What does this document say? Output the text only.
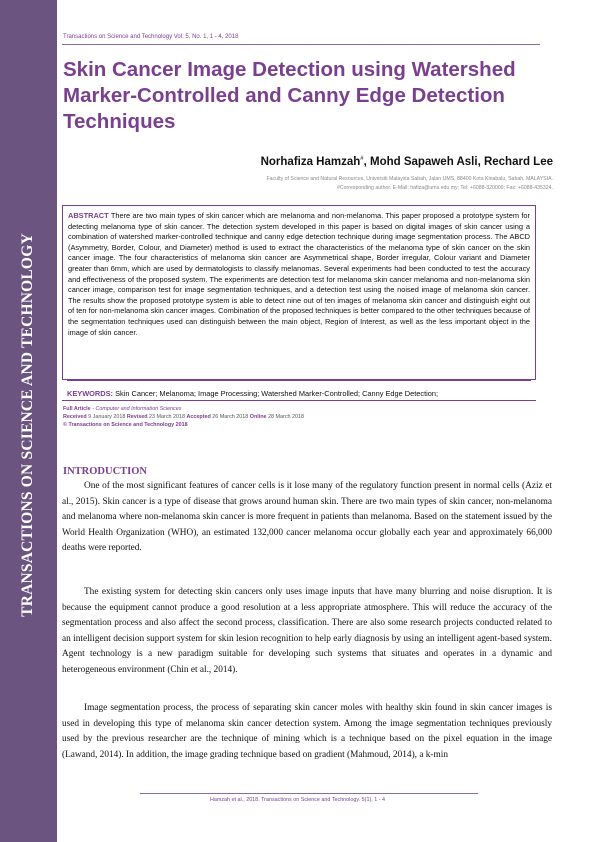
TRANSACTIONS ON SCIENCE AND TECHNOLOGY
Transactions on Science and Technology Vol. 5, No. 1, 1 - 4, 2018
Skin Cancer Image Detection using Watershed Marker-Controlled and Canny Edge Detection Techniques
Norhafiza Hamzah#, Mohd Sapaweh Asli, Rechard Lee
Faculty of Science and Natural Resources, Universiti Malaysia Sabah, Jalan UMS, 88400 Kota Kinabalu, Sabah, MALAYSIA.
#Corresponding author. E-Mail: hafiza@ums.edu.my; Tel: +6088-320000; Fax: +6088-435324.
ABSTRACT There are two main types of skin cancer which are melanoma and non-melanoma. This paper proposed a prototype system for detecting melanoma type of skin cancer. The detection system developed in this paper is based on digital images of skin cancer using a combination of watershed marker-controlled technique and canny edge detection technique during image segmentation process. The ABCD (Asymmetry, Border, Colour, and Diameter) method is used to extract the characteristics of the melanoma type of skin cancer on the skin cancer image. The four characteristics of melanoma skin cancer are Asymmetrical shape, Border irregular, Colour variant and Diameter greater than 6mm, which are used by dermatologists to classify melanomas. Several experiments had been conducted to test the accuracy and effectiveness of the proposed system. The experiments are detection test for melanoma skin cancer melanoma and non-melanoma skin cancer image, comparison test for image segmentation techniques, and a detection test using the noised image of melanoma skin cancer. The results show the proposed prototype system is able to detect nine out of ten images of melanoma skin cancer and distinguish eight out of ten for non-melanoma skin cancer images. Combination of the proposed techniques is better compared to the other techniques because of the segmentation techniques used can distinguish between the main object, Region of Interest, as well as the less important object in the image of skin cancer.
KEYWORDS: Skin Cancer; Melanoma; Image Processing; Watershed Marker-Controlled; Canny Edge Detection;
Full Article - Computer and Information Sciences
Received 9 January 2018 Revised 23 March 2018 Accepted 26 March 2018 Online 28 March 2018
© Transactions on Science and Technology 2018
INTRODUCTION

One of the most significant features of cancer cells is it lose many of the regulatory function present in normal cells (Aziz et al., 2015). Skin cancer is a type of disease that grows around human skin. There are two main types of skin cancer, non-melanoma and melanoma where non-melanoma skin cancer is more frequent in patients than melanoma. Based on the statement issued by the World Health Organization (WHO), an estimated 132,000 cancer melanoma occur globally each year and approximately 66,000 deaths were reported.

The existing system for detecting skin cancers only uses image inputs that have many blurring and noise disruption. It is because the equipment cannot produce a good resolution at a less appropriate atmosphere. This will reduce the accuracy of the segmentation process and also affect the second process, classification. There are also some research projects conducted related to an intelligent decision support system for skin lesion recognition to help early diagnosis by using an intelligent agent-based system. Agent technology is a new paradigm suitable for developing such systems that situates and operates in a dynamic and heterogeneous environment (Chin et al., 2014).

Image segmentation process, the process of separating skin cancer moles with healthy skin found in skin cancer images is used in developing this type of melanoma skin cancer detection system. Among the image segmentation techniques previously used by the previous researcher are the technique of mining which is a technique based on the pixel equation in the image (Lawand, 2014). In addition, the image grading technique based on gradient (Mahmoud, 2014), a k-min

Hamzah et al., 2018. Transactions on Science and Technology. 5(1), 1 - 4
